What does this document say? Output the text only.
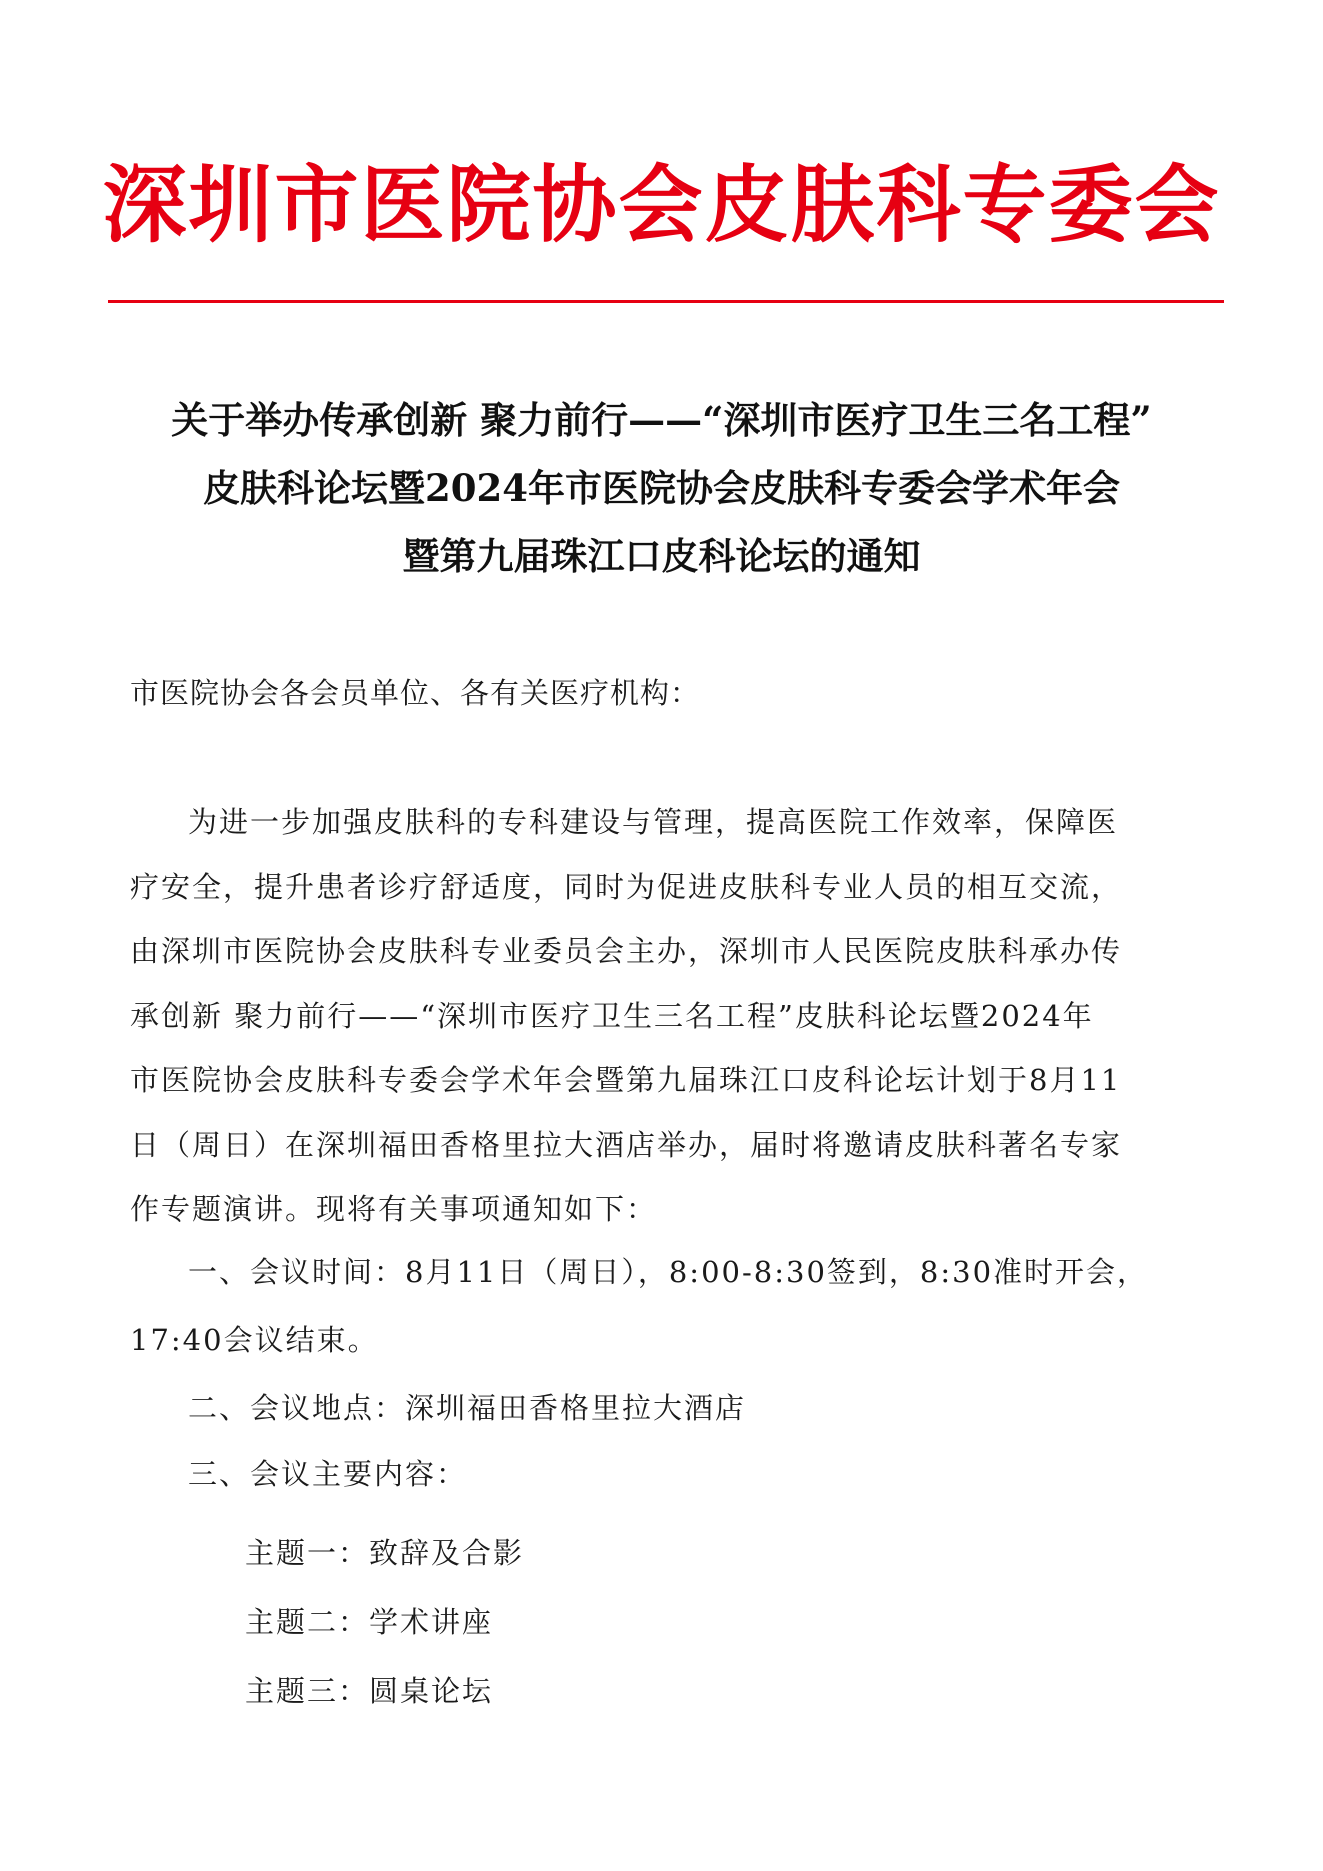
深圳市医院协会皮肤科专委会
关于举办传承创新 聚力前行——“深圳市医疗卫生三名工程”
皮肤科论坛暨2024年市医院协会皮肤科专委会学术年会
暨第九届珠江口皮科论坛的通知
市医院协会各会员单位、各有关医疗机构：
为进一步加强皮肤科的专科建设与管理，提高医院工作效率，保障医
疗安全，提升患者诊疗舒适度，同时为促进皮肤科专业人员的相互交流，
由深圳市医院协会皮肤科专业委员会主办，深圳市人民医院皮肤科承办传
承创新 聚力前行——“深圳市医疗卫生三名工程”皮肤科论坛暨2024年
市医院协会皮肤科专委会学术年会暨第九届珠江口皮科论坛计划于8月11
日（周日）在深圳福田香格里拉大酒店举办，届时将邀请皮肤科著名专家
作专题演讲。现将有关事项通知如下：
一、会议时间：8月11日（周日），8:00-8:30签到，8:30准时开会，
17:40会议结束。
二、会议地点：深圳福田香格里拉大酒店
三、会议主要内容：
主题一：致辞及合影
主题二：学术讲座
主题三：圆桌论坛
